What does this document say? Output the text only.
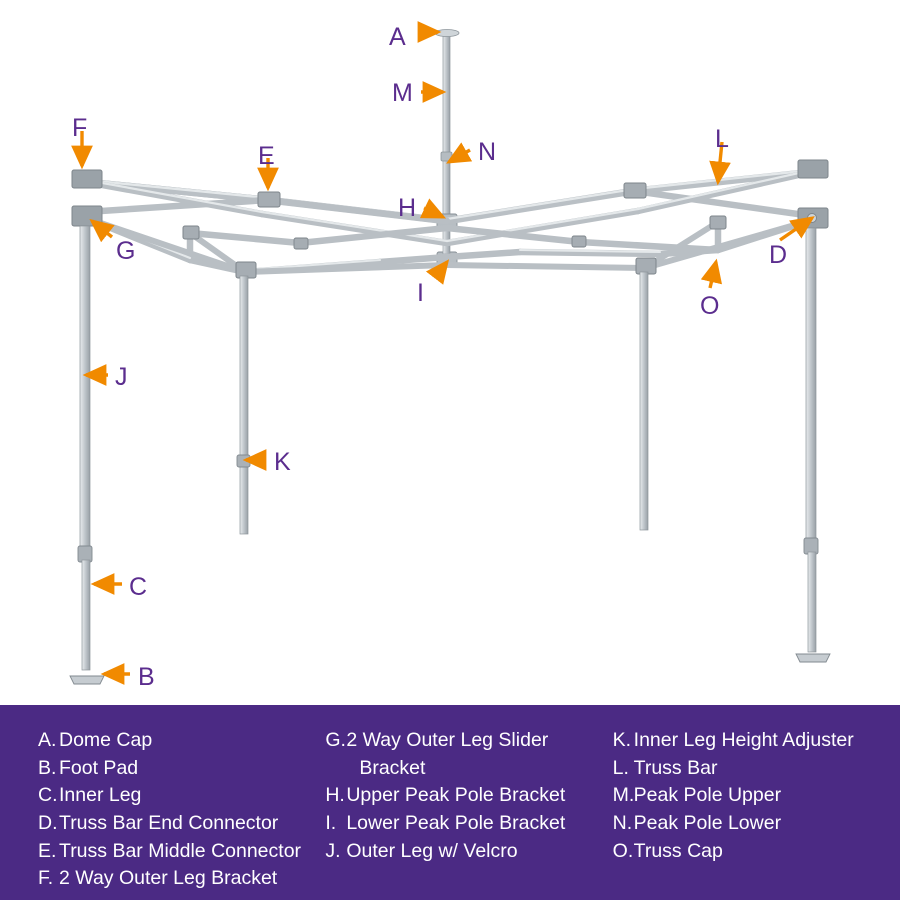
A
M
N
F
E
L
H
G	D
I	O
J
K
C
B
A. Dome Cap
B. Foot Pad
C. Inner Leg
D. Truss Bar End Connector
E. Truss Bar Middle Connector
F. 2 Way Outer Leg Bracket
G. 2 Way Outer Leg Slider
Bracket
H. Upper Peak Pole Bracket
I. Lower Peak Pole Bracket
J. Outer Leg w/ Velcro
K. Inner Leg Height Adjuster
L. Truss Bar
M. Peak Pole Upper
N. Peak Pole Lower
O. Truss Cap
